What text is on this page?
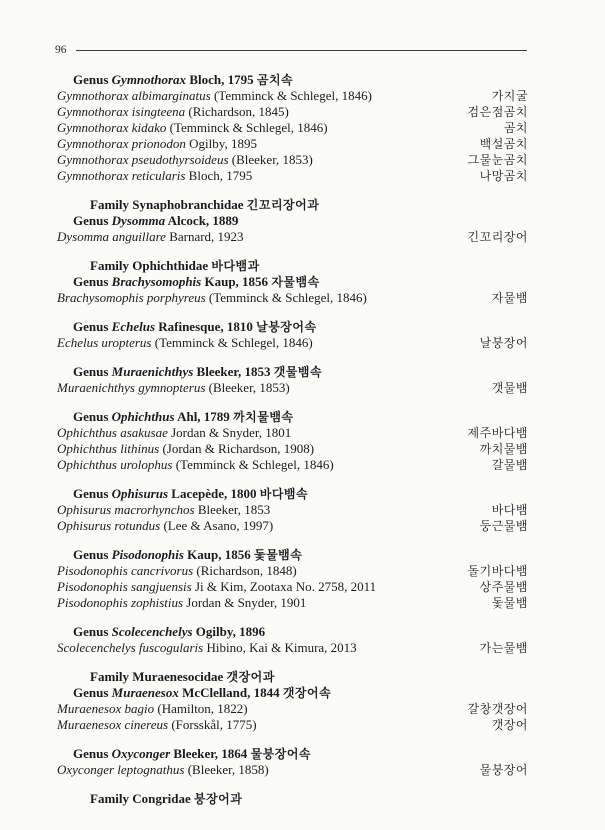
96
Genus Gymnothorax Bloch, 1795 곰치속
Gymnothorax albimarginatus (Temminck & Schlegel, 1846)	가지굴
Gymnothorax isingteena (Richardson, 1845)	검은점곰치
Gymnothorax kidako (Temminck & Schlegel, 1846)	곰치
Gymnothorax prionodon Ogilby, 1895	백설곰치
Gymnothorax pseudothyrsoideus (Bleeker, 1853)	그물눈곰치
Gymnothorax reticularis Bloch, 1795	나망곰치
Family Synaphobranchidae 긴꼬리장어과
Genus Dysomma Alcock, 1889
Dysomma anguillare Barnard, 1923	긴꼬리장어
Family Ophichthidae 바다뱀과
Genus Brachysomophis Kaup, 1856 자물뱀속
Brachysomophis porphyreus (Temminck & Schlegel, 1846)	자물뱀
Genus Echelus Rafinesque, 1810 날붕장어속
Echelus uropterus (Temminck & Schlegel, 1846)	날붕장어
Genus Muraenichthys Bleeker, 1853 갯물뱀속
Muraenichthys gymnopterus (Bleeker, 1853)	갯물뱀
Genus Ophichthus Ahl, 1789 까치물뱀속
Ophichthus asakusae Jordan & Snyder, 1801	제주바다뱀
Ophichthus lithinus (Jordan & Richardson, 1908)	까치물뱀
Ophichthus urolophus (Temminck & Schlegel, 1846)	갈물뱀
Genus Ophisurus Lacepède, 1800 바다뱀속
Ophisurus macrorhynchos Bleeker, 1853	바다뱀
Ophisurus rotundus (Lee & Asano, 1997)	둥근물뱀
Genus Pisodonophis Kaup, 1856 돛물뱀속
Pisodonophis cancrivorus (Richardson, 1848)	돌기바다뱀
Pisodonophis sangjuensis Ji & Kim, Zootaxa No. 2758, 2011	상주물뱀
Pisodonophis zophistius Jordan & Snyder, 1901	돛물뱀
Genus Scolecenchelys Ogilby, 1896
Scolecenchelys fuscogularis Hibino, Kai & Kimura, 2013	가는물뱀
Family Muraenesocidae 갯장어과
Genus Muraenesox McClelland, 1844 갯장어속
Muraenesox bagio (Hamilton, 1822)	갈창갯장어
Muraenesox cinereus (Forsskål, 1775)	갯장어
Genus Oxyconger Bleeker, 1864 물붕장어속
Oxyconger leptognathus (Bleeker, 1858)	물붕장어
Family Congridae 붕장어과
